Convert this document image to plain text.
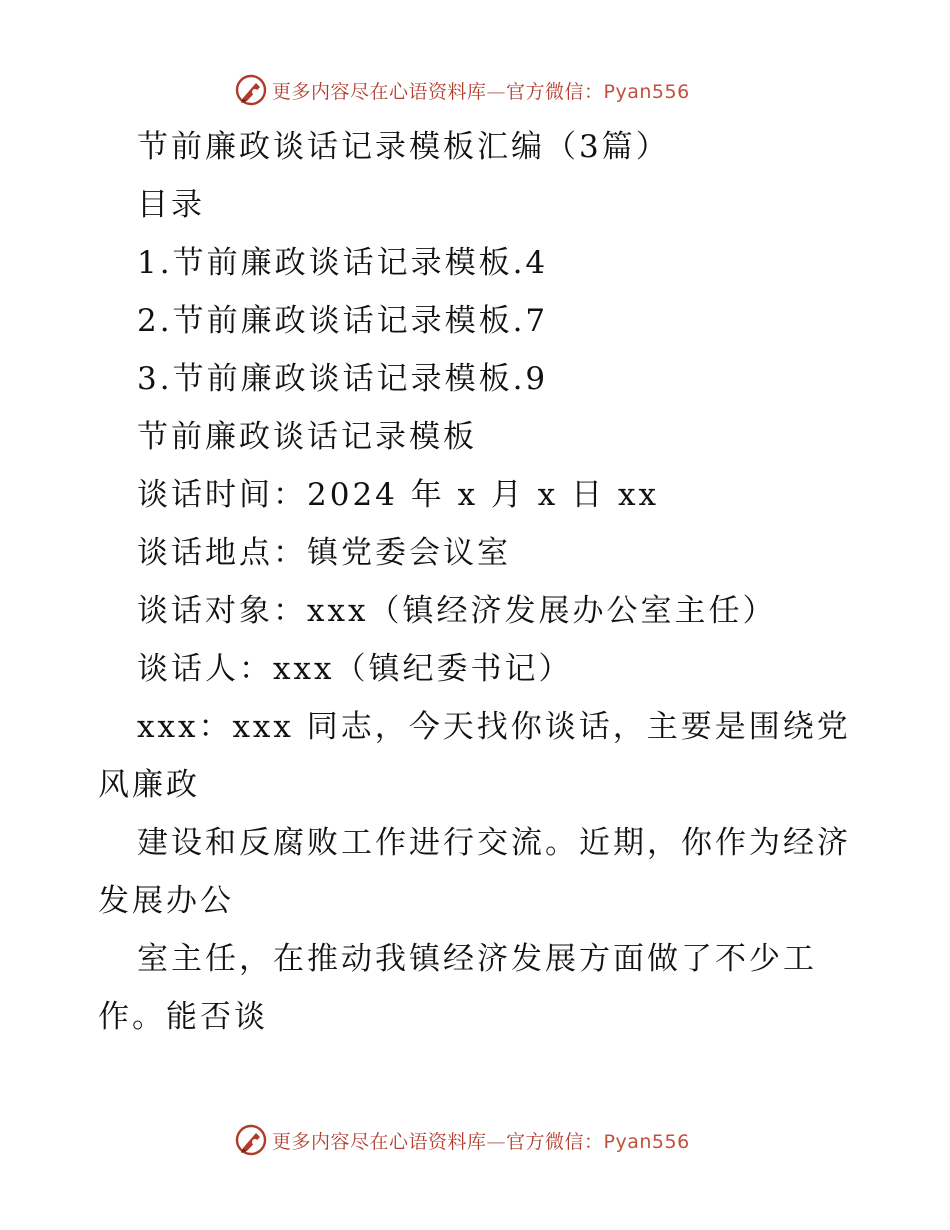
更多内容尽在心语资料库—官方微信：Pyan556
节前廉政谈话记录模板汇编（3篇）
目录
1.节前廉政谈话记录模板.4
2.节前廉政谈话记录模板.7
3.节前廉政谈话记录模板.9
节前廉政谈话记录模板
谈话时间：2024 年 x 月 x 日 xx
谈话地点：镇党委会议室
谈话对象：xxx（镇经济发展办公室主任）
谈话人：xxx（镇纪委书记）
xxx：xxx 同志，今天找你谈话，主要是围绕党
风廉政
建设和反腐败工作进行交流。近期，你作为经济
发展办公
室主任，在推动我镇经济发展方面做了不少工
作。能否谈
更多内容尽在心语资料库—官方微信：Pyan556
